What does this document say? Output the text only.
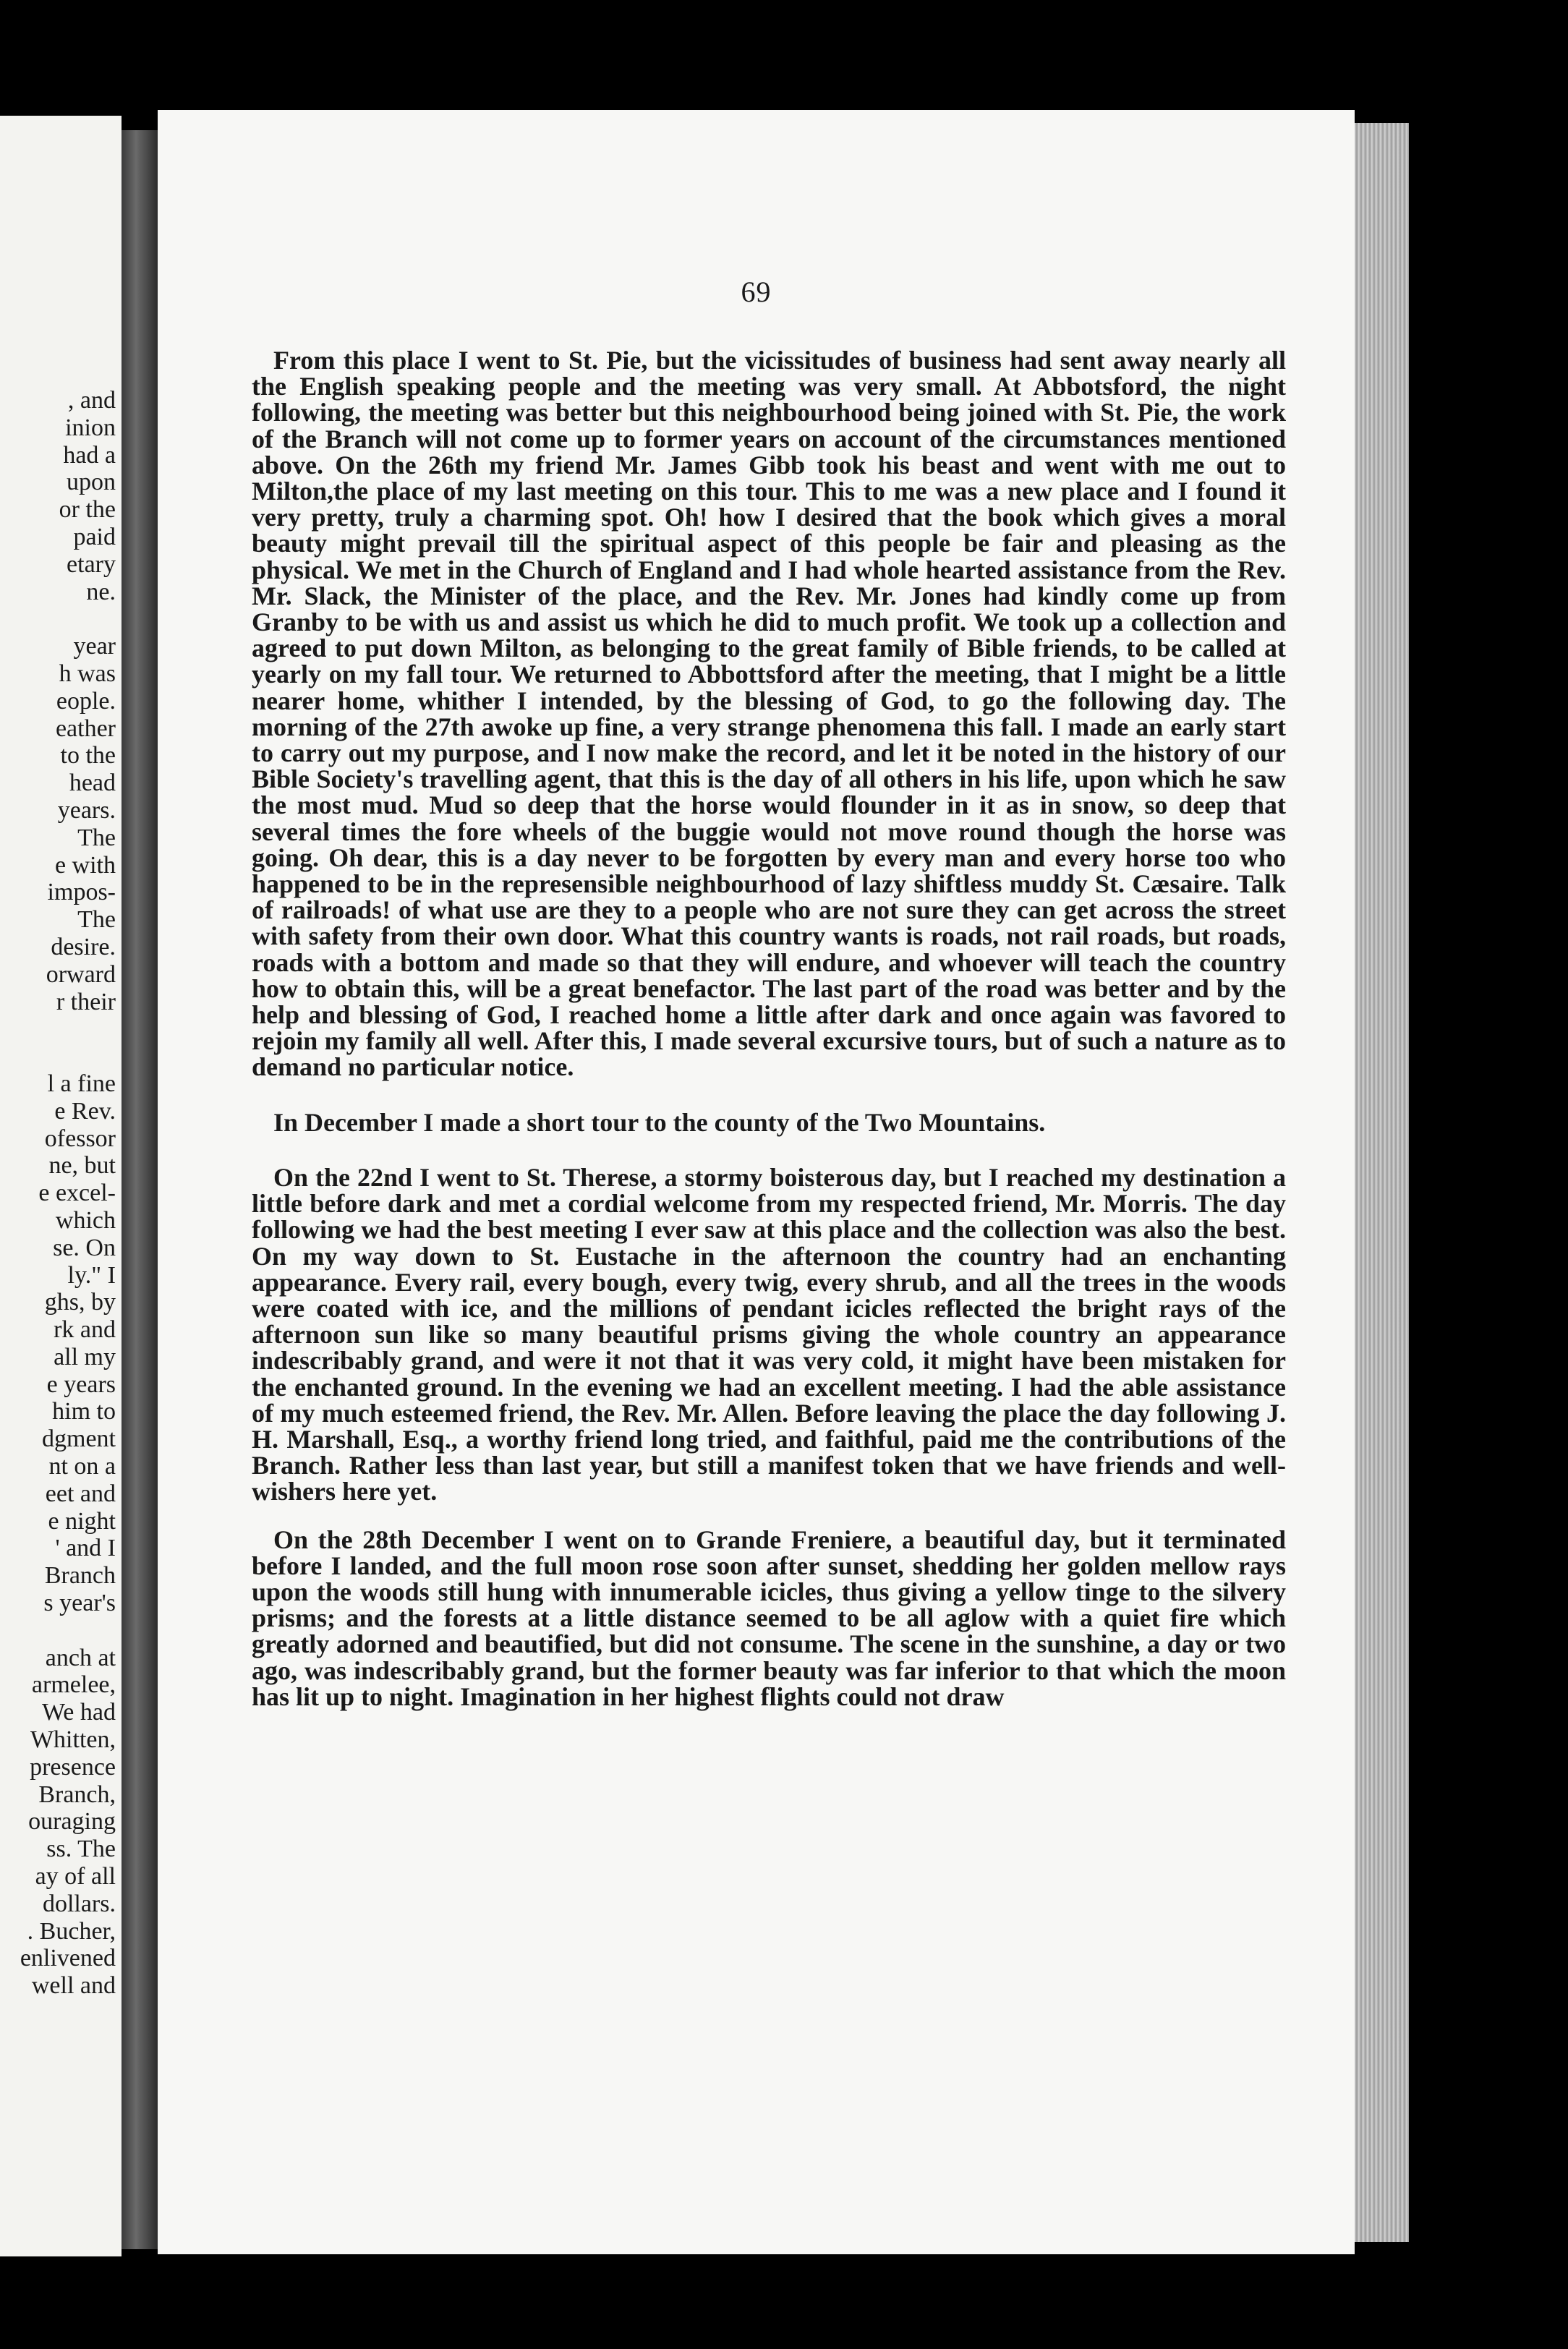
, and
inion
had a
upon
or the
paid
etary
ne.
year
h was
eople.
eather
to the
head
years.
The
e with
impos-
The
desire.
orward
r their
l a fine
e Rev.
ofessor
ne, but
e excel-
which
se. On
ly." I
ghs, by
rk and
all my
e years
him to
dgment
nt on a
eet and
e night
' and I
Branch
s year's
anch at
armelee,
We had
Whitten,
presence
Branch,
ouraging
ss. The
ay of all
dollars.
. Bucher,
enlivened
well and
69

From this place I went to St. Pie, but the vicissitudes of business had sent away nearly all the English speaking people and the meeting was very small. At Abbotsford, the night following, the meeting was better but this neighbourhood being joined with St. Pie, the work of the Branch will not come up to former years on account of the circumstances mentioned above. On the 26th my friend Mr. James Gibb took his beast and went with me out to Milton,the place of my last meeting on this tour. This to me was a new place and I found it very pretty, truly a charming spot. Oh! how I desired that the book which gives a moral beauty might prevail till the spiritual aspect of this people be fair and pleasing as the physical. We met in the Church of England and I had whole hearted assistance from the Rev. Mr. Slack, the Minister of the place, and the Rev. Mr. Jones had kindly come up from Granby to be with us and assist us which he did to much profit. We took up a collection and agreed to put down Milton, as belonging to the great family of Bible friends, to be called at yearly on my fall tour. We returned to Abbottsford after the meeting, that I might be a little nearer home, whither I intended, by the blessing of God, to go the following day. The morning of the 27th awoke up fine, a very strange phenomena this fall. I made an early start to carry out my purpose, and I now make the record, and let it be noted in the history of our Bible Society's travelling agent, that this is the day of all others in his life, upon which he saw the most mud. Mud so deep that the horse would flounder in it as in snow, so deep that several times the fore wheels of the buggie would not move round though the horse was going. Oh dear, this is a day never to be forgotten by every man and every horse too who happened to be in the represensible neighbourhood of lazy shiftless muddy St. Cæsaire. Talk of railroads! of what use are they to a people who are not sure they can get across the street with safety from their own door. What this country wants is roads, not rail roads, but roads, roads with a bottom and made so that they will endure, and whoever will teach the country how to obtain this, will be a great benefactor. The last part of the road was better and by the help and blessing of God, I reached home a little after dark and once again was favored to rejoin my family all well. After this, I made several excursive tours, but of such a nature as to demand no particular notice.

In December I made a short tour to the county of the Two Mountains.

On the 22nd I went to St. Therese, a stormy boisterous day, but I reached my destination a little before dark and met a cordial welcome from my respected friend, Mr. Morris. The day following we had the best meeting I ever saw at this place and the collection was also the best. On my way down to St. Eustache in the afternoon the country had an enchanting appearance. Every rail, every bough, every twig, every shrub, and all the trees in the woods were coated with ice, and the millions of pendant icicles reflected the bright rays of the afternoon sun like so many beautiful prisms giving the whole country an appearance indescribably grand, and were it not that it was very cold, it might have been mistaken for the enchanted ground. In the evening we had an excellent meeting. I had the able assistance of my much esteemed friend, the Rev. Mr. Allen. Before leaving the place the day following J. H. Marshall, Esq., a worthy friend long tried, and faithful, paid me the contributions of the Branch. Rather less than last year, but still a manifest token that we have friends and well-wishers here yet.

On the 28th December I went on to Grande Freniere, a beautiful day, but it terminated before I landed, and the full moon rose soon after sunset, shedding her golden mellow rays upon the woods still hung with innumerable icicles, thus giving a yellow tinge to the silvery prisms; and the forests at a little distance seemed to be all aglow with a quiet fire which greatly adorned and beautified, but did not consume. The scene in the sunshine, a day or two ago, was indescribably grand, but the former beauty was far inferior to that which the moon has lit up to night. Imagination in her highest flights could not draw
